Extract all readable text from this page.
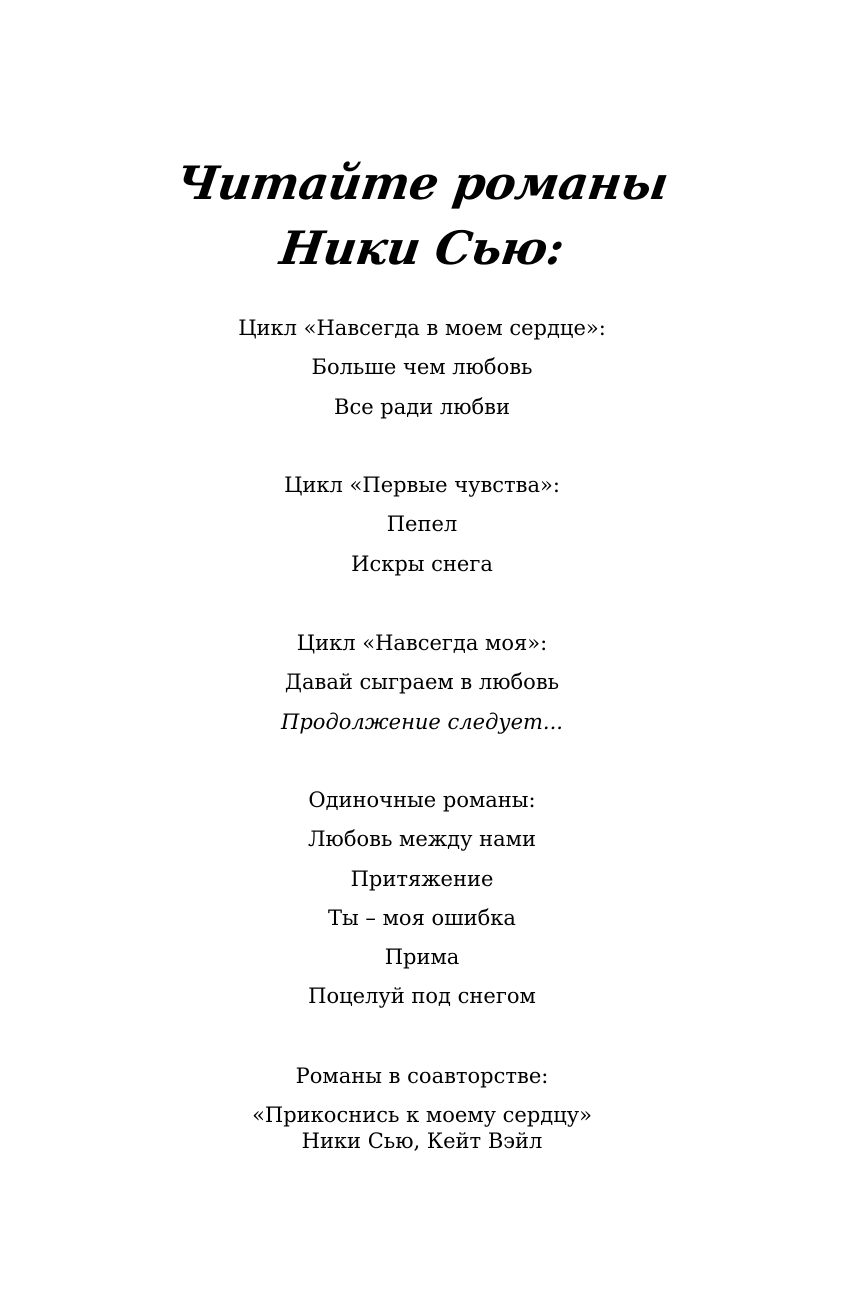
Читайте романы
Ники Сью:
Цикл «Навсегда в моем сердце»:
Больше чем любовь
Все ради любви
Цикл «Первые чувства»:
Пепел
Искры снега
Цикл «Навсегда моя»:
Давай сыграем в любовь
Продолжение следует...
Одиночные романы:
Любовь между нами
Притяжение
Ты – моя ошибка
Прима
Поцелуй под снегом
Романы в соавторстве:
«Прикоснись к моему сердцу»
Ники Сью, Кейт Вэйл
